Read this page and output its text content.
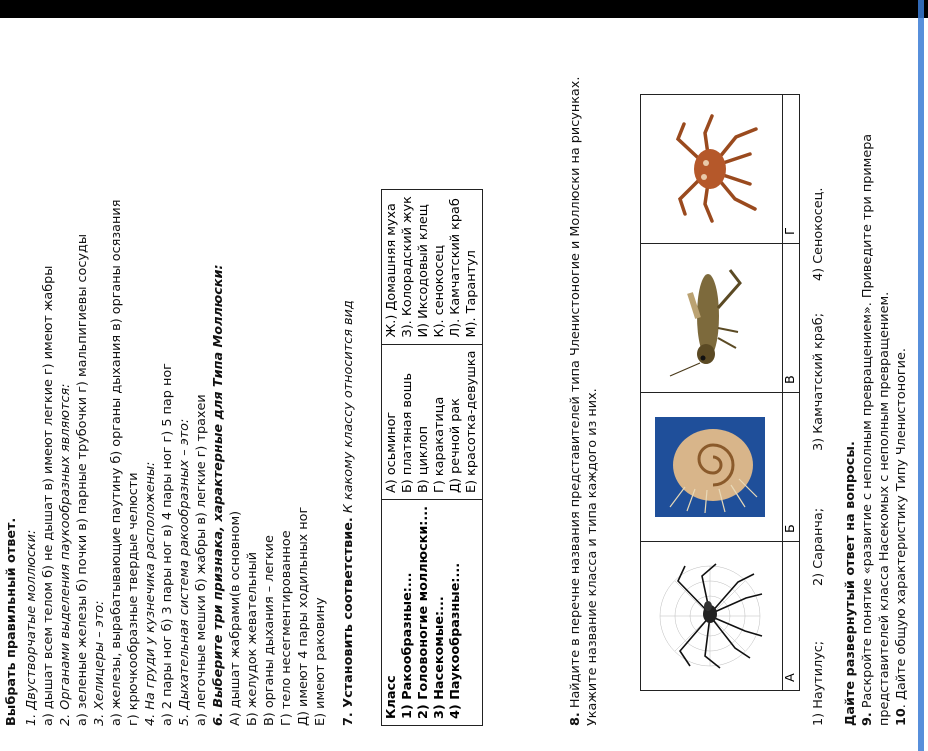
Выбрать правильный ответ. 1. Двустворчатые моллюски: а) дышат всем телом б) не дышат в) имеют легкие г) имеют жабры 2. Органами выделения паукообразных являются: а) зеленые железы б) почки в) парные трубочки г) мальпигиевы сосуды 3. Хелицеры – это: а) железы, вырабатывающие паутину б) органы дыхания в) органы осязания г) крючкообразные твердые челюсти 4. На груди у кузнечика расположены: а) 2 пары ног б) 3 пары ног в) 4 пары ног г) 5 пар ног 5. Дыхательная система ракообразных – это: а) легочные мешки б) жабры в) легкие г) трахеи 6. Выберите три признака, характерные для Типа Моллюски: А) дышат жабрами(в основном) Б) желудок жевательный В) органы дыхания – легкие Г) тело несегментированное Д) имеют 4 пары ходильных ног Е) имеют раковину 7. Установить соответствие. К какому классу относится вид
Класс 1) Ракообразные:... 2) Головоногие моллюски:... 3) Насекомые:... 4) Паукообразные:...

А) осьминог Б) платяная вошь В) циклоп Г) каракатица Д) речной рак Е) красотка-девушка

Ж.) Домашняя муха З). Колорадский жук И) Иксодовый клещ К). сенокосец Л). Камчатский краб М). Тарантул
8. Найдите в перечне названия представителей типа Членистоногие и Моллюски на рисунках. Укажите название класса и типа каждого из них.
				А	Б	В	Г
1) Наутилус;
2) Саранча;
3) Камчатский краб;
4) Сенокосец.
Дайте развернутый ответ на вопросы. 9. Раскройте понятие «развитие с неполным превращением». Приведите три примера представителей класса Насекомых с неполным превращением. 10. Дайте общую характеристику Типу Членистоногие.
